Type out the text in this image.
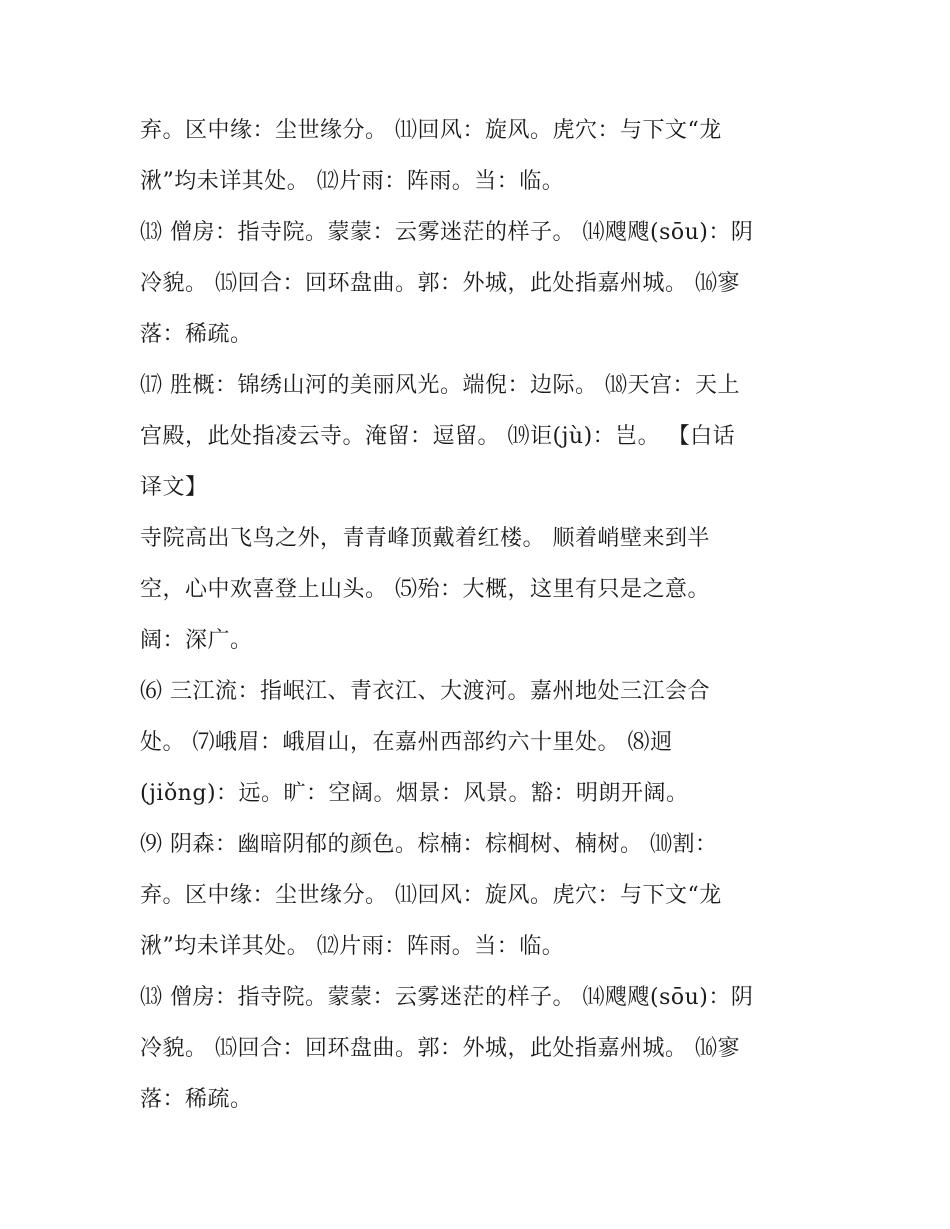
弃。区中缘：尘世缘分。 ⑾回风：旋风。虎穴：与下文“龙
湫”均未详其处。 ⑿片雨：阵雨。当：临。
⒀ 僧房：指寺院。蒙蒙：云雾迷茫的样子。 ⒁飕飕(sōu)：阴
冷貌。 ⒂回合：回环盘曲。郭：外城，此处指嘉州城。 ⒃寥
落：稀疏。
⒄ 胜概：锦绣山河的美丽风光。端倪：边际。 ⒅天宫：天上
宫殿，此处指凌云寺。淹留：逗留。 ⒆讵(jù)：岂。 【白话
译文】
寺院高出飞鸟之外，青青峰顶戴着红楼。 顺着峭壁来到半
空，心中欢喜登上山头。 ⑸殆：大概，这里有只是之意。
阔：深广。
⑹ 三江流：指岷江、青衣江、大渡河。嘉州地处三江会合
处。 ⑺峨眉：峨眉山，在嘉州西部约六十里处。 ⑻迥
(jiǒng)：远。旷：空阔。烟景：风景。豁：明朗开阔。
⑼ 阴森：幽暗阴郁的颜色。棕楠：棕榈树、楠树。 ⑽割：
弃。区中缘：尘世缘分。 ⑾回风：旋风。虎穴：与下文“龙
湫”均未详其处。 ⑿片雨：阵雨。当：临。
⒀ 僧房：指寺院。蒙蒙：云雾迷茫的样子。 ⒁飕飕(sōu)：阴
冷貌。 ⒂回合：回环盘曲。郭：外城，此处指嘉州城。 ⒃寥
落：稀疏。
